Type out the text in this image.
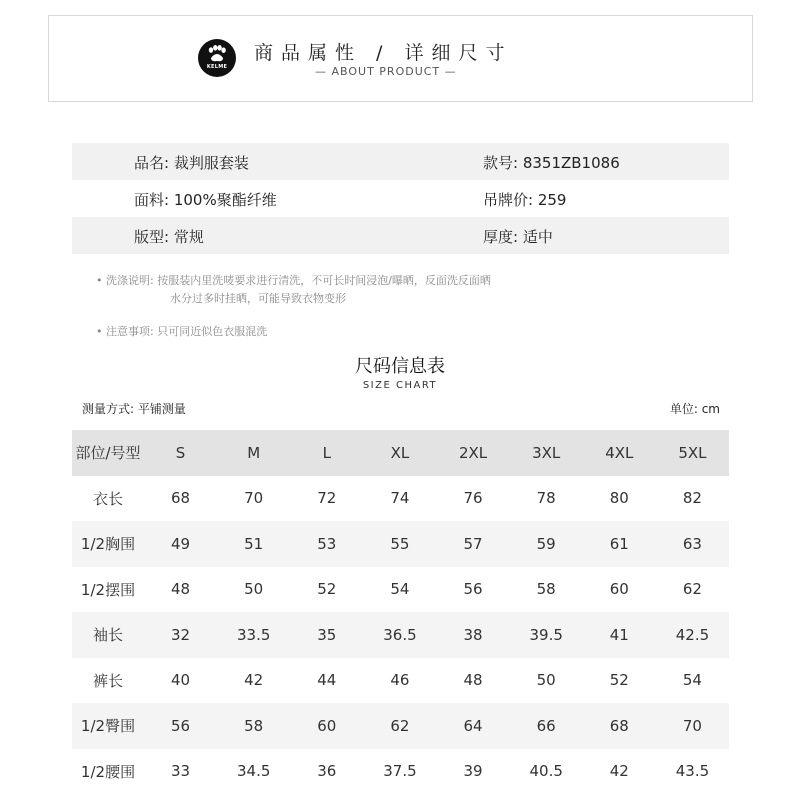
KELME
商品属性 / 详细尺寸
— ABOUT PRODUCT —
品名: 裁判服套装	款号: 8351ZB1086
面料: 100%聚酯纤维	吊牌价: 259
版型: 常规	厚度: 适中
• 洗涤说明: 按服装内里洗唛要求进行清洗，不可长时间浸泡/曝晒，反面洗反面晒
水分过多时挂晒，可能导致衣物变形
• 注意事项: 只可同近似色衣服混洗
尺码信息表
SIZE CHART
测量方式: 平铺测量	单位: cm
部位/号型	S	M	L	XL	2XL	3XL	4XL	5XL
衣长	68	70	72	74	76	78	80	82
1/2胸围	49	51	53	55	57	59	61	63
1/2摆围	48	50	52	54	56	58	60	62
袖长	32	33.5	35	36.5	38	39.5	41	42.5
裤长	40	42	44	46	48	50	52	54
1/2臀围	56	58	60	62	64	66	68	70
1/2腰围	33	34.5	36	37.5	39	40.5	42	43.5
